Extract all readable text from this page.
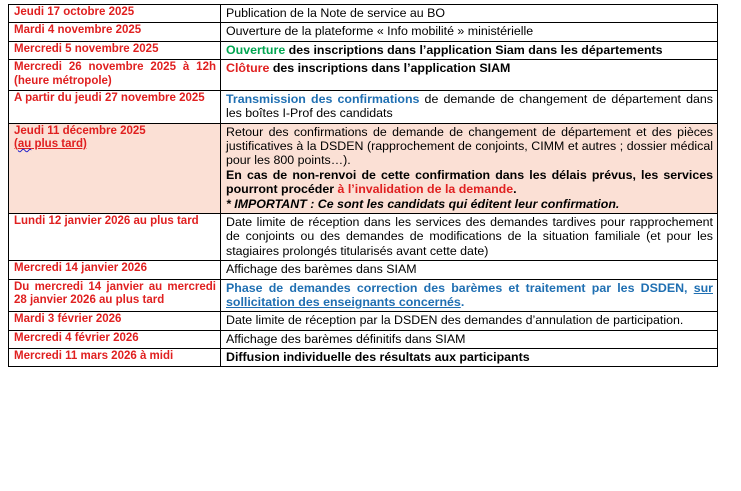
Jeudi 17 octobre 2025	Publication de la Note de service au BO
Mardi 4 novembre 2025	Ouverture de la plateforme « Info mobilité » ministérielle
Mercredi 5 novembre 2025	Ouverture des inscriptions dans l’application Siam dans les départements
Mercredi 26 novembre 2025 à 12h (heure métropole)	Clôture des inscriptions dans l’application SIAM
A partir du jeudi 27 novembre 2025	Transmission des confirmations de demande de changement de département dans les boîtes I-Prof des candidats

Jeudi 11 décembre 2025
(au plus tard)	Retour des confirmations de demande de changement de département et des pièces justificatives à la DSDEN (rapprochement de conjoints, CIMM et autres ; dossier médical pour les 800 points…).
En cas de non-renvoi de cette confirmation dans les délais prévus, les services pourront procéder à l’invalidation de la demande.
* IMPORTANT : Ce sont les candidats qui éditent leur confirmation.
Lundi 12 janvier 2026 au plus tard	Date limite de réception dans les services des demandes tardives pour rapprochement de conjoints ou des demandes de modifications de la situation familiale (et pour les stagiaires prolongés titularisés avant cette date)
Mercredi 14 janvier 2026	Affichage des barèmes dans SIAM
Du mercredi 14 janvier au mercredi 28 janvier 2026 au plus tard	Phase de demandes correction des barèmes et traitement par les DSDEN, sur sollicitation des enseignants concernés.
Mardi 3 février 2026	Date limite de réception par la DSDEN des demandes d’annulation de participation.
Mercredi 4 février 2026	Affichage des barèmes définitifs dans SIAM
Mercredi 11 mars 2026 à midi	Diffusion individuelle des résultats aux participants
